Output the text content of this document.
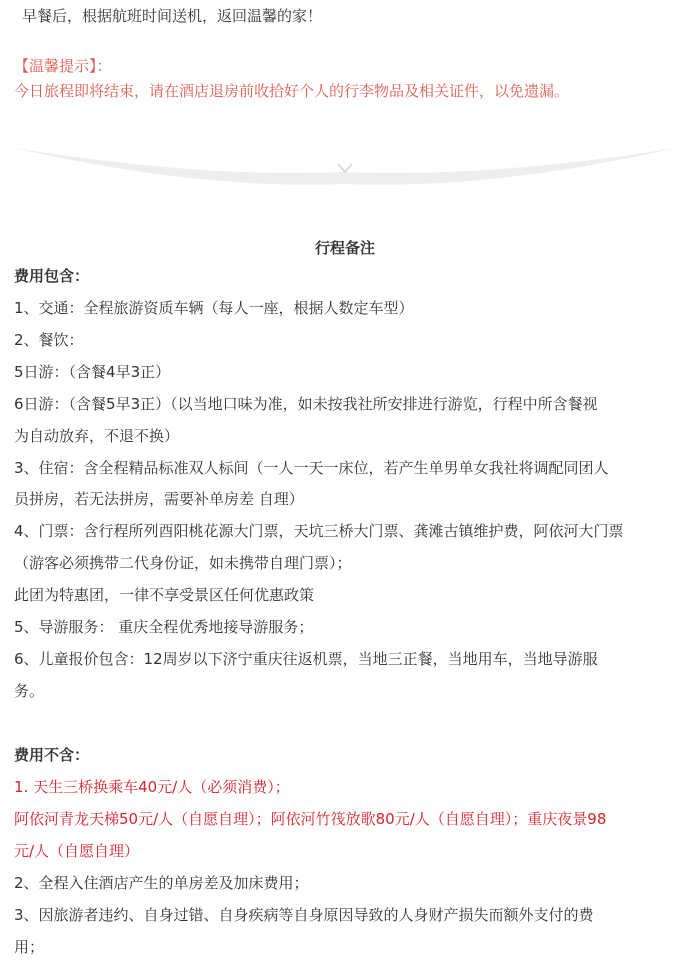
早餐后，根据航班时间送机，返回温馨的家！
【温馨提示】：
今日旅程即将结束，请在酒店退房前收拾好个人的行李物品及相关证件，以免遗漏。
行程备注
费用包含：
1、交通：全程旅游资质车辆（每人一座，根据人数定车型）
2、餐饮：
5日游：（含餐4早3正）
6日游：（含餐5早3正）（以当地口味为准，如未按我社所安排进行游览，行程中所含餐视
为自动放弃，不退不换）
3、住宿：含全程精品标准双人标间（一人一天一床位，若产生单男单女我社将调配同团人
员拼房，若无法拼房，需要补单房差 自理）
4、门票：含行程所列酉阳桃花源大门票，天坑三桥大门票、龚滩古镇维护费，阿依河大门票
（游客必须携带二代身份证，如未携带自理门票）；
此团为特惠团，一律不享受景区任何优惠政策
5、导游服务： 重庆全程优秀地接导游服务；
6、儿童报价包含：12周岁以下济宁重庆往返机票，当地三正餐，当地用车，当地导游服
务。
费用不含：
1. 天生三桥换乘车40元/人（必须消费）；
阿依河青龙天梯50元/人（自愿自理）；阿依河竹筏放歌80元/人（自愿自理）；重庆夜景98
元/人（自愿自理）
2、全程入住酒店产生的单房差及加床费用；
3、因旅游者违约、自身过错、自身疾病等自身原因导致的人身财产损失而额外支付的费
用；
